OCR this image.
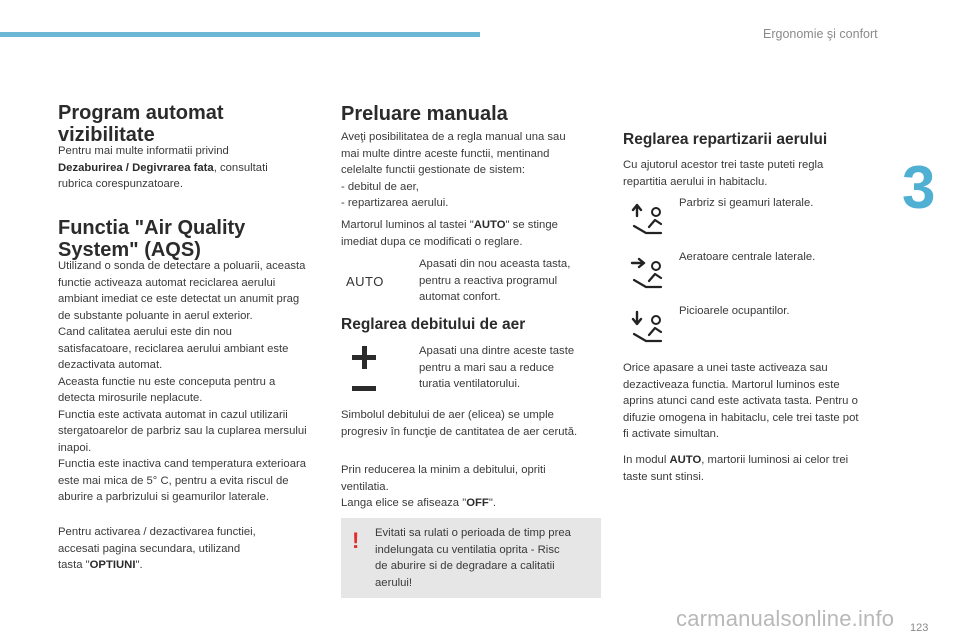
Ergonomie şi confort
3
Program automat
vizibilitate
Pentru mai multe informatii privind
Dezaburirea / Degivrarea fata, consultati
rubrica corespunzatoare.
Functia "Air Quality
System" (AQS)
Utilizand o sonda de detectare a poluarii, aceasta
functie activeaza automat reciclarea aerului
ambiant imediat ce este detectat un anumit prag
de substante poluante in aerul exterior.
Cand calitatea aerului este din nou
satisfacatoare, reciclarea aerului ambiant este
dezactivata automat.
Aceasta functie nu este conceputa pentru a
detecta mirosurile neplacute.
Functia este activata automat in cazul utilizarii
stergatoarelor de parbriz sau la cuplarea mersului
inapoi.
Functia este inactiva cand temperatura exterioara
este mai mica de 5° C, pentru a evita riscul de
aburire a parbrizului si geamurilor laterale.
Pentru activarea / dezactivarea functiei,
accesati pagina secundara, utilizand
tasta "OPTIUNI".
Preluare manuala
Aveţi posibilitatea de a regla manual una sau
mai multe dintre aceste functii, mentinand
celelalte functii gestionate de sistem:
- debitul de aer,
- repartizarea aerului.
Martorul luminos al tastei "AUTO" se stinge
imediat dupa ce modificati o reglare.
AUTO
Apasati din nou aceasta tasta,
pentru a reactiva programul
automat confort.
Reglarea debitului de aer
Apasati una dintre aceste taste
pentru a mari sau a reduce
turatia ventilatorului.
Simbolul debitului de aer (elicea) se umple
progresiv în funcţie de cantitatea de aer cerută.
Prin reducerea la minim a debitului, opriti
ventilatia.
Langa elice se afiseaza "OFF".
! Evitati sa rulati o perioada de timp prea
indelungata cu ventilatia oprita - Risc
de aburire si de degradare a calitatii
aerului!
Reglarea repartizarii aerului
Cu ajutorul acestor trei taste puteti regla
repartitia aerului in habitaclu.
Parbriz si geamuri laterale.
Aeratoare centrale laterale.
Picioarele ocupantilor.
Orice apasare a unei taste activeaza sau
dezactiveaza functia. Martorul luminos este
aprins atunci cand este activata tasta. Pentru o
difuzie omogena in habitaclu, cele trei taste pot
fi activate simultan.
In modul AUTO, martorii luminosi ai celor trei
taste sunt stinsi.
carmanualsonline.info 123
